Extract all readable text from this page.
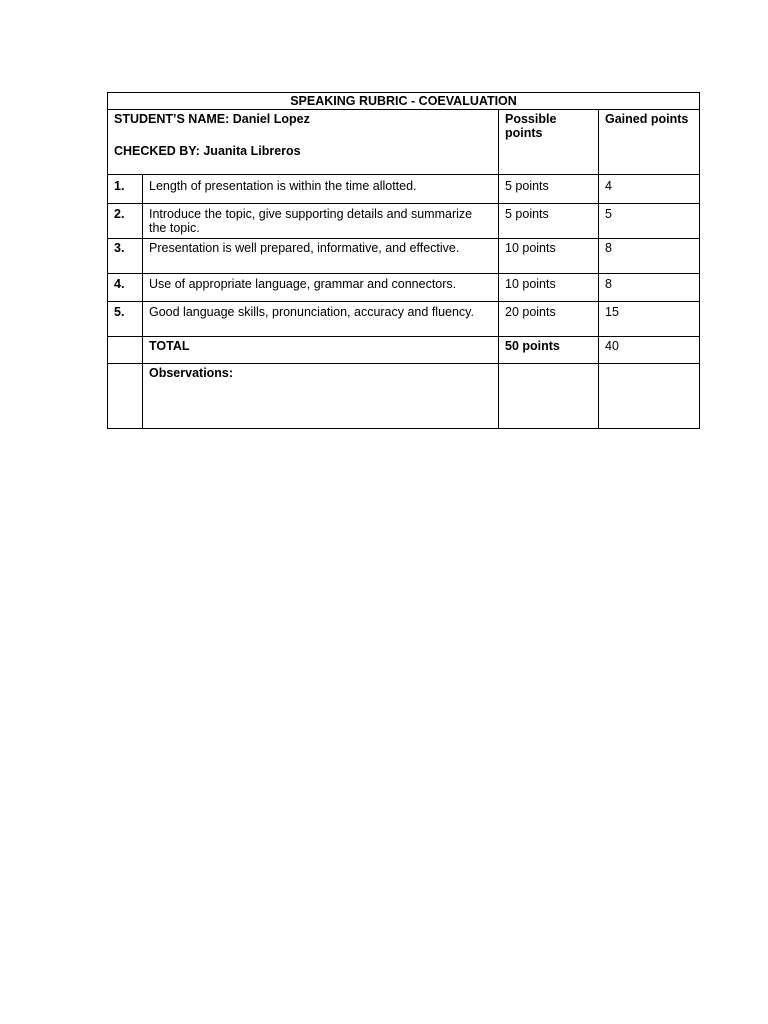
SPEAKING RUBRIC - COEVALUATION			

STUDENT’S NAME: Daniel Lopez
CHECKED BY: Juanita Libreros		Possible points	Gained points
1.	Length of presentation is within the time allotted.	5 points	4
2.	Introduce the topic, give supporting details and summarize the topic.	5 points	5
3.	Presentation is well prepared, informative, and effective.	10 points	8
4.	Use of appropriate language, grammar and connectors.	10 points	8
5.	Good language skills, pronunciation, accuracy and fluency.	20 points	15
	TOTAL	50 points	40
	Observations:		
